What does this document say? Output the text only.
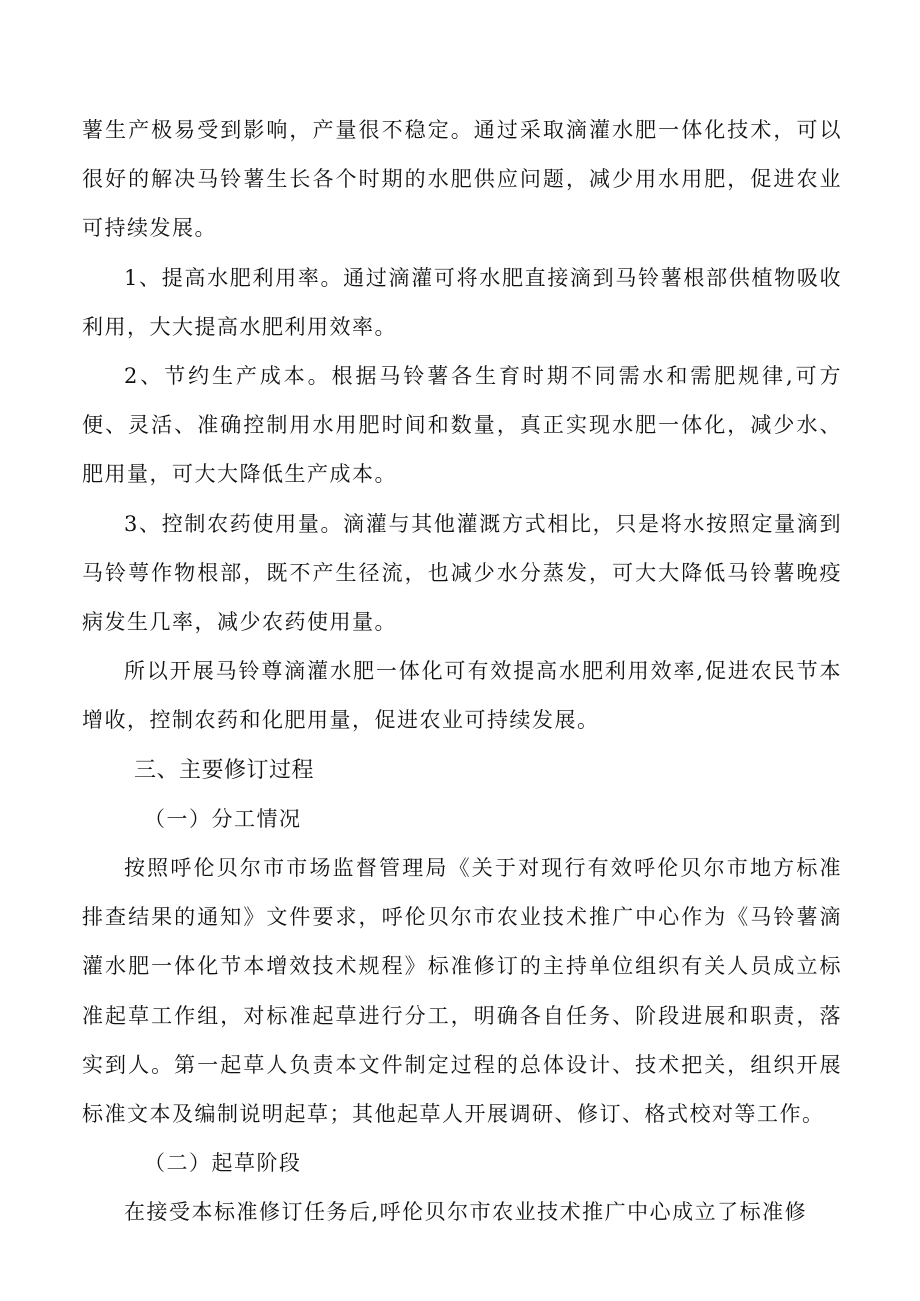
薯生产极易受到影响，产量很不稳定。通过采取滴灌水肥一体化技术，可以很好的解决马铃薯生长各个时期的水肥供应问题，减少用水用肥，促进农业可持续发展。

1、提高水肥利用率。通过滴灌可将水肥直接滴到马铃薯根部供植物吸收利用，大大提高水肥利用效率。

2、节约生产成本。根据马铃薯各生育时期不同需水和需肥规律,可方便、灵活、准确控制用水用肥时间和数量，真正实现水肥一体化，减少水、肥用量，可大大降低生产成本。

3、控制农药使用量。滴灌与其他灌溉方式相比，只是将水按照定量滴到马铃萼作物根部，既不产生径流，也减少水分蒸发，可大大降低马铃薯晚疫病发生几率，减少农药使用量。

所以开展马铃尊滴灌水肥一体化可有效提高水肥利用效率,促进农民节本增收，控制农药和化肥用量，促进农业可持续发展。

三、主要修订过程

（一）分工情况

按照呼伦贝尔市市场监督管理局《关于对现行有效呼伦贝尔市地方标准排查结果的通知》文件要求，呼伦贝尔市农业技术推广中心作为《马铃薯滴灌水肥一体化节本增效技术规程》标准修订的主持单位组织有关人员成立标准起草工作组，对标准起草进行分工，明确各自任务、阶段进展和职责，落实到人。第一起草人负责本文件制定过程的总体设计、技术把关，组织开展标准文本及编制说明起草；其他起草人开展调研、修订、格式校对等工作。

（二）起草阶段

在接受本标准修订任务后,呼伦贝尔市农业技术推广中心成立了标准修
